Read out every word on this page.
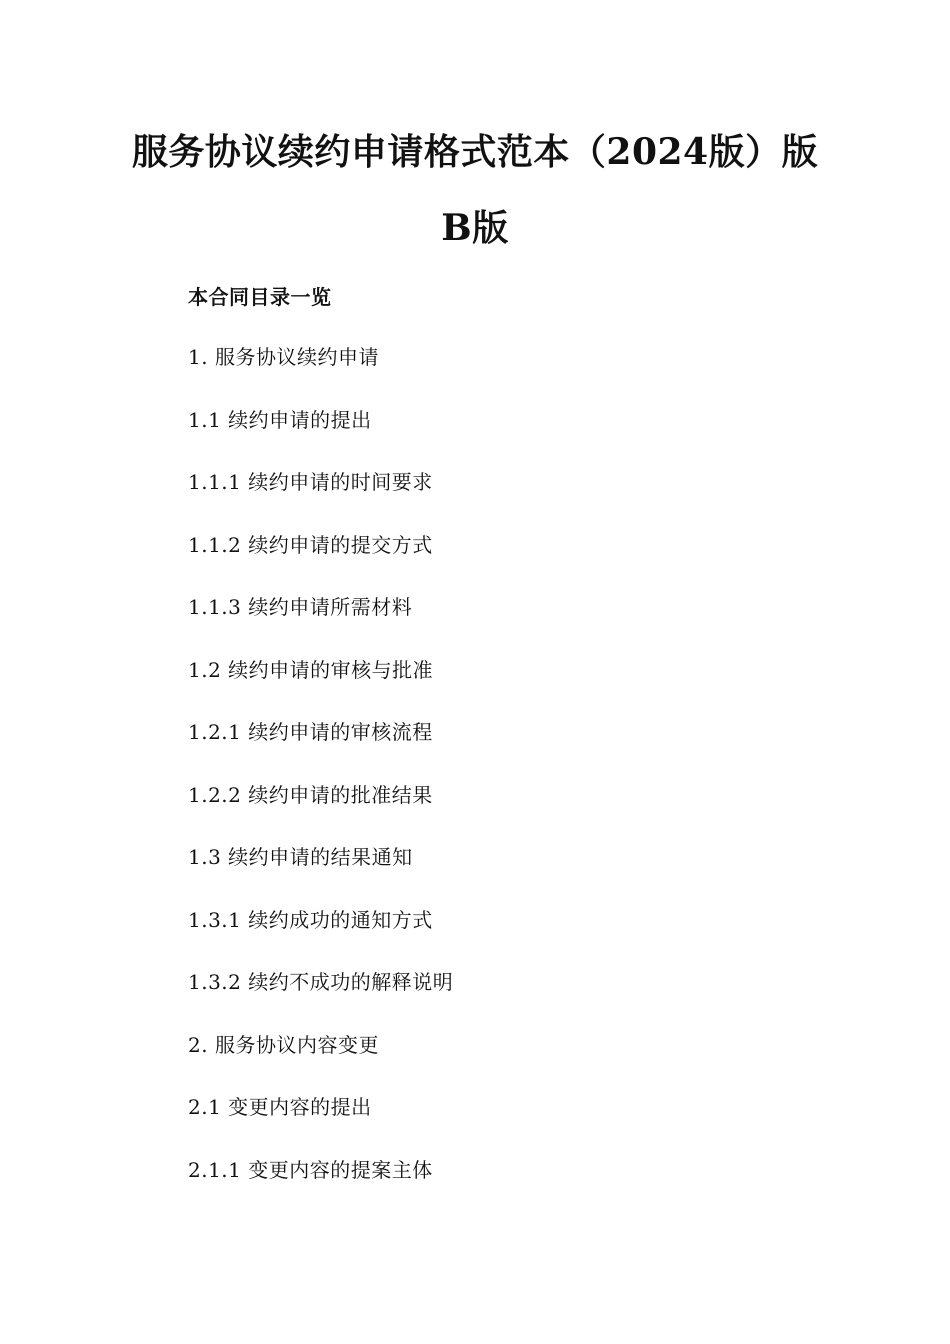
服务协议续约申请格式范本（2024版）版
B版
本合同目录一览
1. 服务协议续约申请
1.1 续约申请的提出
1.1.1 续约申请的时间要求
1.1.2 续约申请的提交方式
1.1.3 续约申请所需材料
1.2 续约申请的审核与批准
1.2.1 续约申请的审核流程
1.2.2 续约申请的批准结果
1.3 续约申请的结果通知
1.3.1 续约成功的通知方式
1.3.2 续约不成功的解释说明
2. 服务协议内容变更
2.1 变更内容的提出
2.1.1 变更内容的提案主体
